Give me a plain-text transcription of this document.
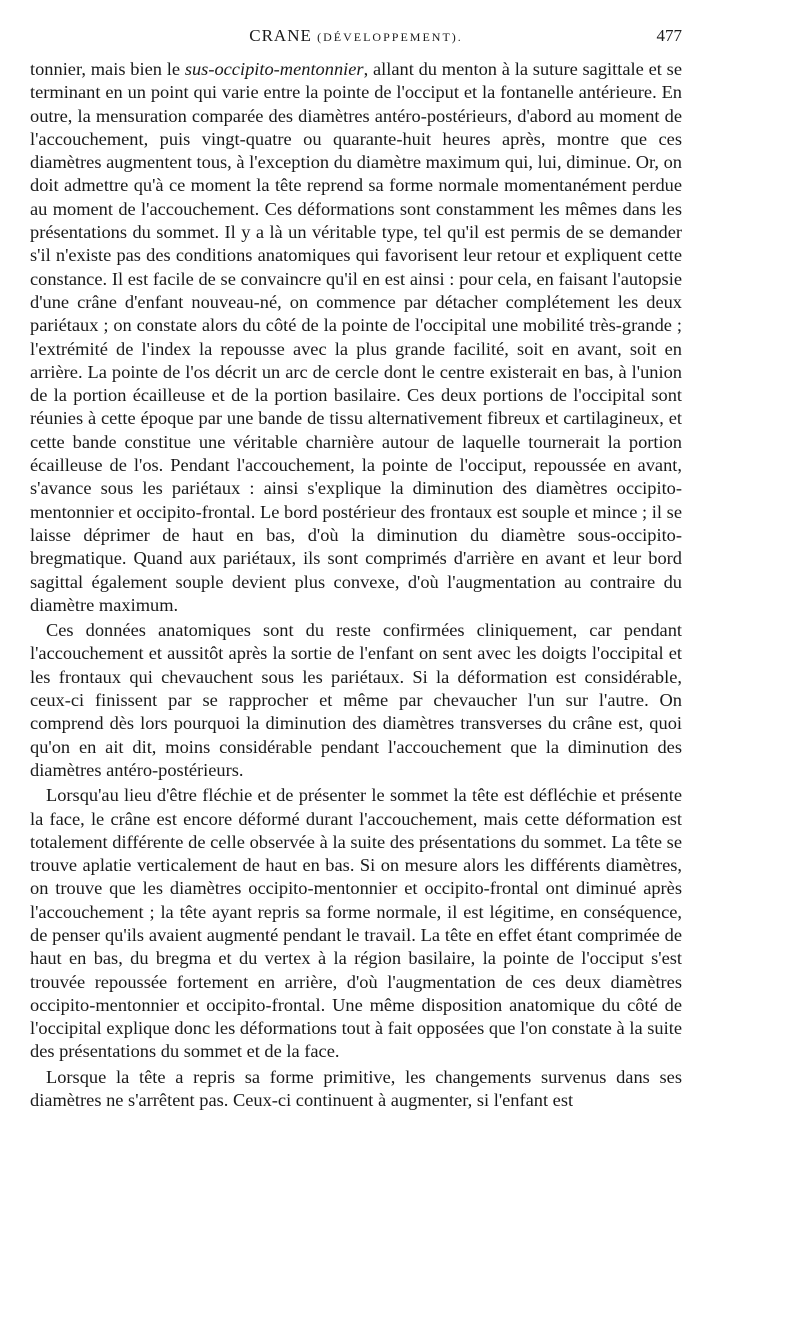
CRANE (DÉVELOPPEMENT).	477

tonnier, mais bien le sus-occipito-mentonnier, allant du menton à la suture sagittale et se terminant en un point qui varie entre la pointe de l'occiput et la fontanelle antérieure. En outre, la mensuration comparée des diamètres antéro-postérieurs, d'abord au moment de l'accouchement, puis vingt-quatre ou quarante-huit heures après, montre que ces diamètres augmentent tous, à l'exception du diamètre maximum qui, lui, diminue. Or, on doit admettre qu'à ce moment la tête reprend sa forme normale momentanément perdue au moment de l'accouchement. Ces déformations sont constamment les mêmes dans les présentations du sommet. Il y a là un véritable type, tel qu'il est permis de se demander s'il n'existe pas des conditions anatomiques qui favorisent leur retour et expliquent cette constance. Il est facile de se convaincre qu'il en est ainsi : pour cela, en faisant l'autopsie d'une crâne d'enfant nouveau-né, on commence par détacher complétement les deux pariétaux ; on constate alors du côté de la pointe de l'occipital une mobilité très-grande ; l'extrémité de l'index la repousse avec la plus grande facilité, soit en avant, soit en arrière. La pointe de l'os décrit un arc de cercle dont le centre existerait en bas, à l'union de la portion écailleuse et de la portion basilaire. Ces deux portions de l'occipital sont réunies à cette époque par une bande de tissu alternativement fibreux et cartilagineux, et cette bande constitue une véritable charnière autour de laquelle tournerait la portion écailleuse de l'os. Pendant l'accouchement, la pointe de l'occiput, repoussée en avant, s'avance sous les pariétaux : ainsi s'explique la diminution des diamètres occipito-mentonnier et occipito-frontal. Le bord postérieur des frontaux est souple et mince ; il se laisse déprimer de haut en bas, d'où la diminution du diamètre sous-occipito-bregmatique. Quand aux pariétaux, ils sont comprimés d'arrière en avant et leur bord sagittal également souple devient plus convexe, d'où l'augmentation au contraire du diamètre maximum.

Ces données anatomiques sont du reste confirmées cliniquement, car pendant l'accouchement et aussitôt après la sortie de l'enfant on sent avec les doigts l'occipital et les frontaux qui chevauchent sous les pariétaux. Si la déformation est considérable, ceux-ci finissent par se rapprocher et même par chevaucher l'un sur l'autre. On comprend dès lors pourquoi la diminution des diamètres transverses du crâne est, quoi qu'on en ait dit, moins considérable pendant l'accouchement que la diminution des diamètres antéro-postérieurs.

Lorsqu'au lieu d'être fléchie et de présenter le sommet la tête est défléchie et présente la face, le crâne est encore déformé durant l'accouchement, mais cette déformation est totalement différente de celle observée à la suite des présentations du sommet. La tête se trouve aplatie verticalement de haut en bas. Si on mesure alors les différents diamètres, on trouve que les diamètres occipito-mentonnier et occipito-frontal ont diminué après l'accouchement ; la tête ayant repris sa forme normale, il est légitime, en conséquence, de penser qu'ils avaient augmenté pendant le travail. La tête en effet étant comprimée de haut en bas, du bregma et du vertex à la région basilaire, la pointe de l'occiput s'est trouvée repoussée fortement en arrière, d'où l'augmentation de ces deux diamètres occipito-mentonnier et occipito-frontal. Une même disposition anatomique du côté de l'occipital explique donc les déformations tout à fait opposées que l'on constate à la suite des présentations du sommet et de la face.

Lorsque la tête a repris sa forme primitive, les changements survenus dans ses diamètres ne s'arrêtent pas. Ceux-ci continuent à augmenter, si l'enfant est
